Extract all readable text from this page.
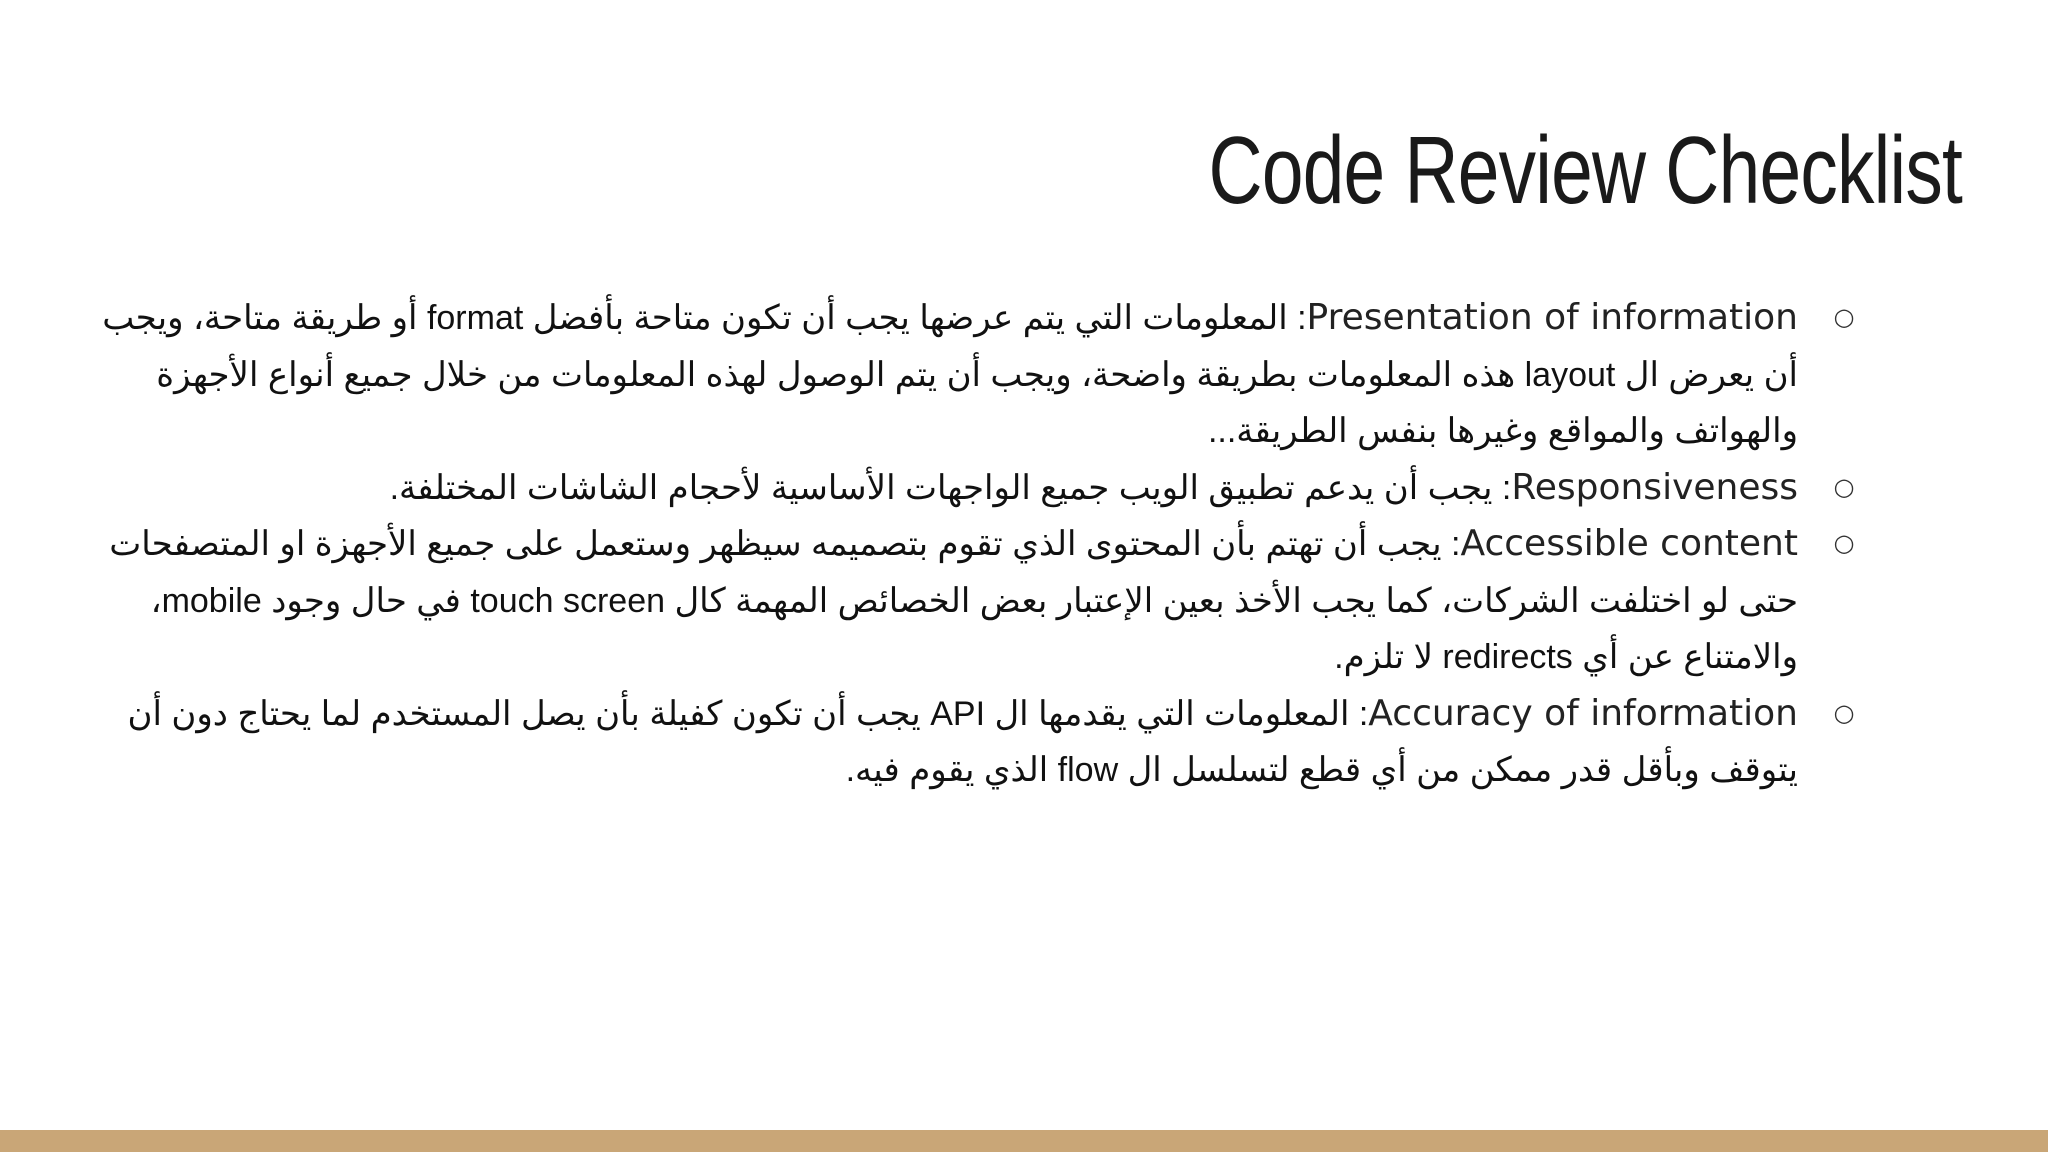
Code Review Checklist
○
Presentation of information: المعلومات التي يتم عرضها يجب أن تكون متاحة بأفضل format أو طريقة متاحة، ويجب أن يعرض ال layout هذه المعلومات بطريقة واضحة، ويجب أن يتم الوصول لهذه المعلومات من خلال جميع أنواع الأجهزة والهواتف والمواقع وغيرها بنفس الطريقة...
○
Responsiveness: يجب أن يدعم تطبيق الويب جميع الواجهات الأساسية لأحجام الشاشات المختلفة.
○
Accessible content: يجب أن تهتم بأن المحتوى الذي تقوم بتصميمه سيظهر وستعمل على جميع الأجهزة او المتصفحات حتى لو اختلفت الشركات، كما يجب الأخذ بعين الإعتبار بعض الخصائص المهمة كال touch screen في حال وجود mobile، والامتناع عن أي redirects لا تلزم.
○
Accuracy of information: المعلومات التي يقدمها ال API يجب أن تكون كفيلة بأن يصل المستخدم لما يحتاج دون أن يتوقف وبأقل قدر ممكن من أي قطع لتسلسل ال flow الذي يقوم فيه.
